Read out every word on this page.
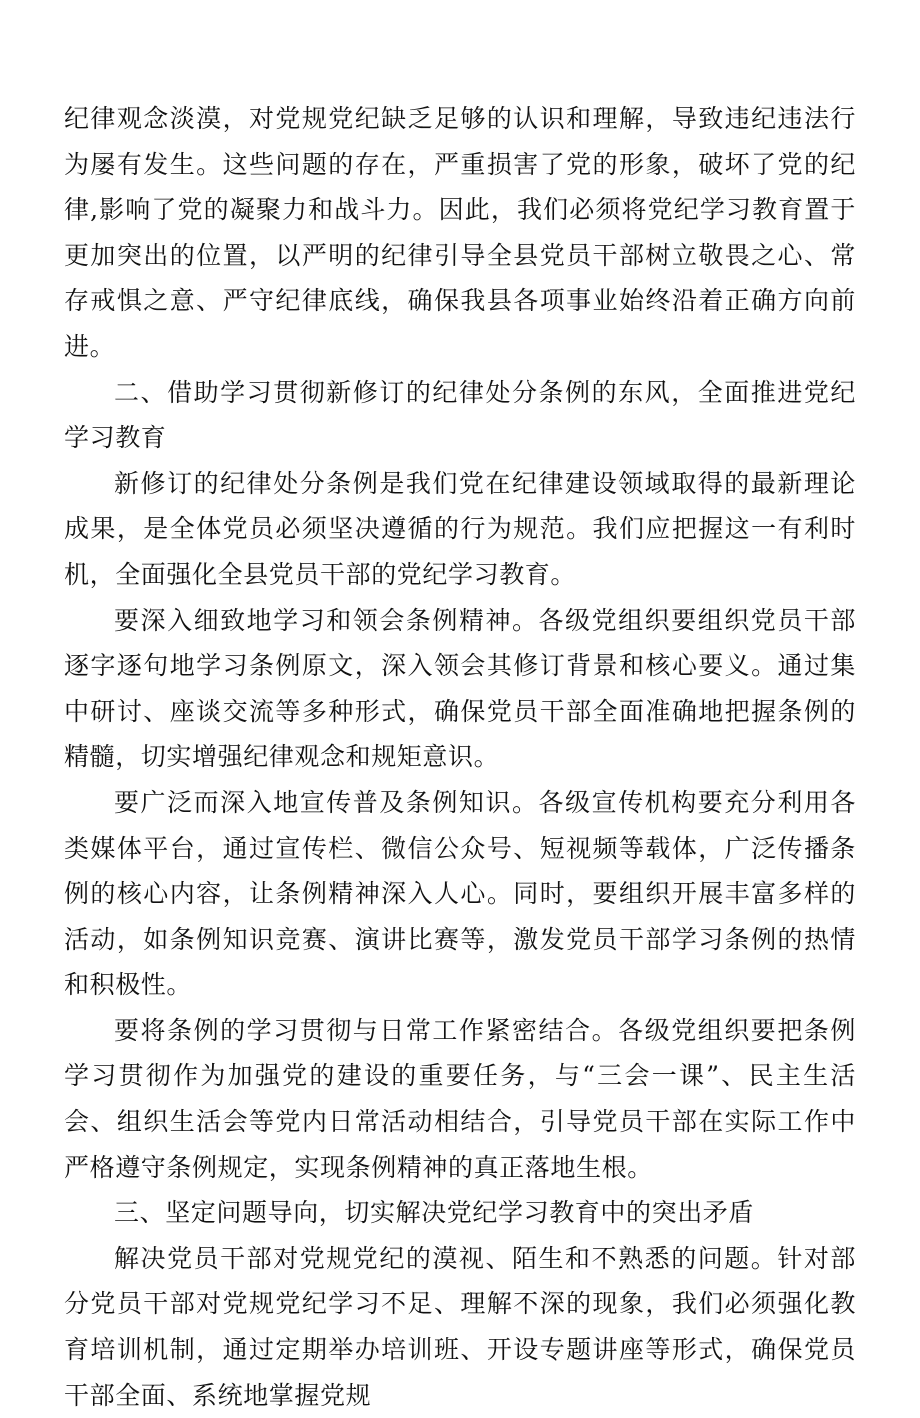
纪律观念淡漠，对党规党纪缺乏足够的认识和理解，导致违纪违法行为屡有发生。这些问题的存在，严重损害了党的形象，破坏了党的纪律,影响了党的凝聚力和战斗力。因此，我们必须将党纪学习教育置于更加突出的位置，以严明的纪律引导全县党员干部树立敬畏之心、常存戒惧之意、严守纪律底线，确保我县各项事业始终沿着正确方向前进。

二、借助学习贯彻新修订的纪律处分条例的东风，全面推进党纪学习教育

新修订的纪律处分条例是我们党在纪律建设领域取得的最新理论成果，是全体党员必须坚决遵循的行为规范。我们应把握这一有利时机，全面强化全县党员干部的党纪学习教育。

要深入细致地学习和领会条例精神。各级党组织要组织党员干部逐字逐句地学习条例原文，深入领会其修订背景和核心要义。通过集中研讨、座谈交流等多种形式，确保党员干部全面准确地把握条例的精髓，切实增强纪律观念和规矩意识。

要广泛而深入地宣传普及条例知识。各级宣传机构要充分利用各类媒体平台，通过宣传栏、微信公众号、短视频等载体，广泛传播条例的核心内容，让条例精神深入人心。同时，要组织开展丰富多样的活动，如条例知识竞赛、演讲比赛等，激发党员干部学习条例的热情和积极性。

要将条例的学习贯彻与日常工作紧密结合。各级党组织要把条例学习贯彻作为加强党的建设的重要任务，与“三会一课”、民主生活会、组织生活会等党内日常活动相结合，引导党员干部在实际工作中严格遵守条例规定，实现条例精神的真正落地生根。

三、坚定问题导向，切实解决党纪学习教育中的突出矛盾

解决党员干部对党规党纪的漠视、陌生和不熟悉的问题。针对部分党员干部对党规党纪学习不足、理解不深的现象，我们必须强化教育培训机制，通过定期举办培训班、开设专题讲座等形式，确保党员干部全面、系统地掌握党规
